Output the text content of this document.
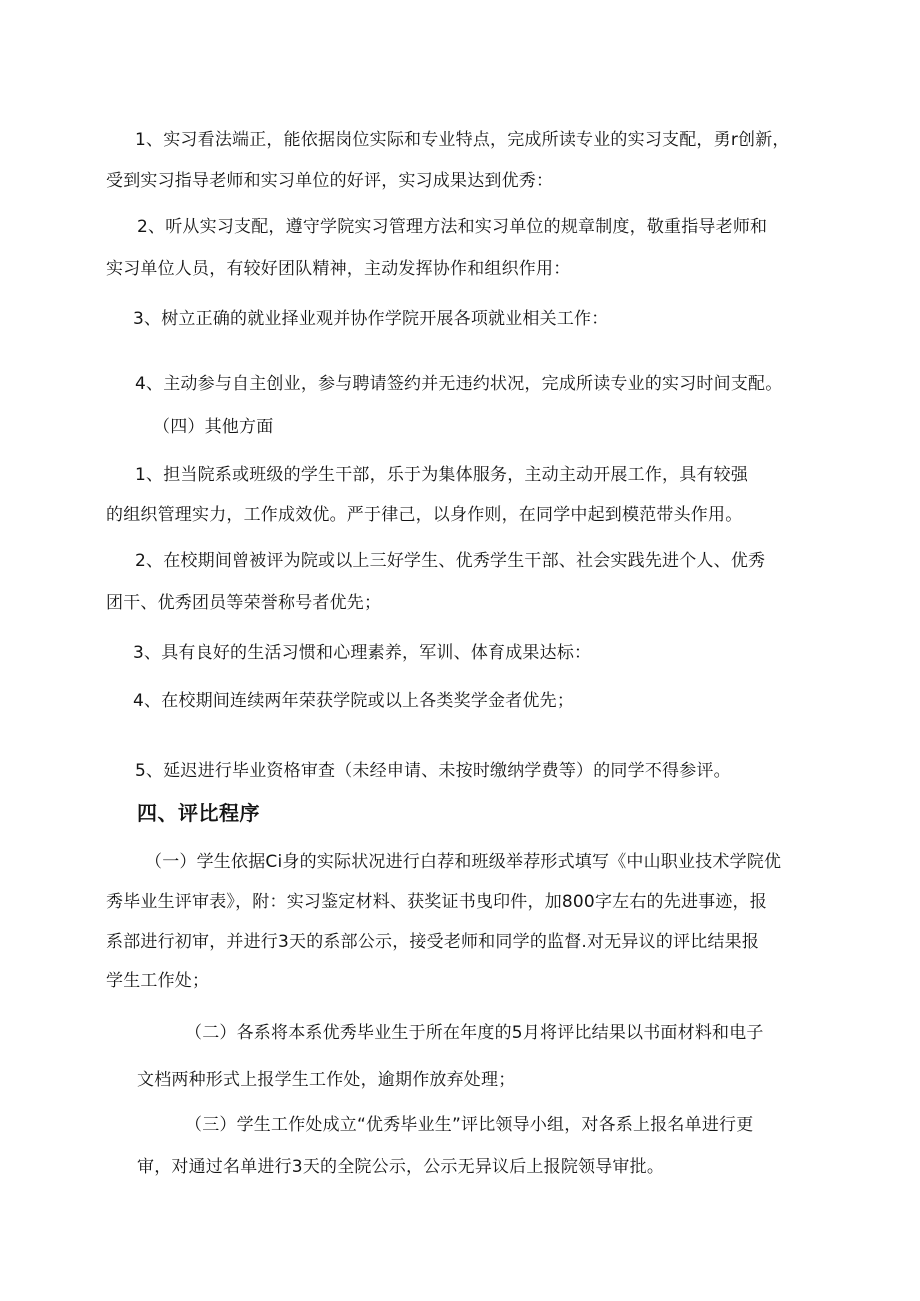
1、实习看法端正，能依据岗位实际和专业特点，完成所读专业的实习支配，勇r创新，
受到实习指导老师和实习单位的好评，实习成果达到优秀：
2、听从实习支配，遵守学院实习管理方法和实习单位的规章制度，敬重指导老师和
实习单位人员，有较好团队精神，主动发挥协作和组织作用：
3、树立正确的就业择业观并协作学院开展各项就业相关工作：
4、主动参与自主创业，参与聘请签约并无违约状况，完成所读专业的实习时间支配。
（四）其他方面
1、担当院系或班级的学生干部，乐于为集体服务，主动主动开展工作，具有较强
的组织管理实力，工作成效优。严于律己，以身作则，在同学中起到模范带头作用。
2、在校期间曾被评为院或以上三好学生、优秀学生干部、社会实践先进个人、优秀
团干、优秀团员等荣誉称号者优先；
3、具有良好的生活习惯和心理素养，军训、体育成果达标：
4、在校期间连续两年荣获学院或以上各类奖学金者优先；
5、延迟进行毕业资格审查（未经申请、未按时缴纳学费等）的同学不得参评。
四、评比程序
（一）学生依据Ci身的实际状况进行白荐和班级举荐形式填写《中山职业技术学院优
秀毕业生评审表》，附：实习鉴定材料、获奖证书曳印件，加800字左右的先进事迹，报
系部进行初审，并进行3天的系部公示，接受老师和同学的监督.对无异议的评比结果报
学生工作处；
（二）各系将本系优秀毕业生于所在年度的5月将评比结果以书面材料和电子
文档两种形式上报学生工作处，逾期作放弃处理；
（三）学生工作处成立“优秀毕业生”评比领导小组，对各系上报名单进行更
审，对通过名单进行3天的全院公示，公示无异议后上报院领导审批。
